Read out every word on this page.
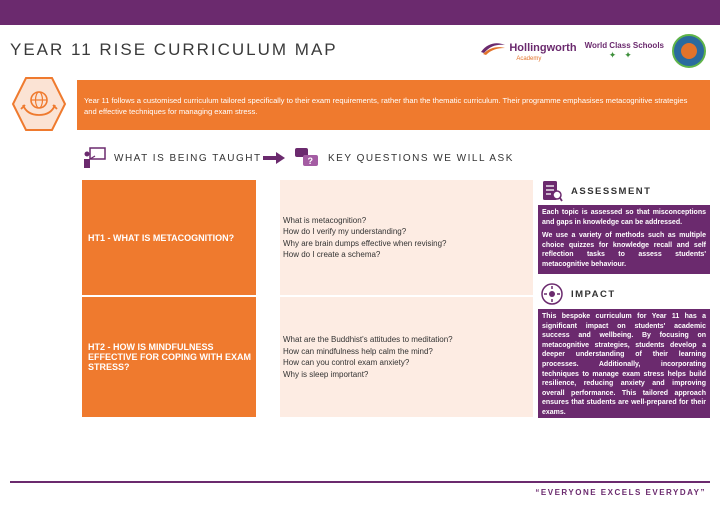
YEAR 11 RISE CURRICULUM MAP	Hollingworth
Academy
World Class Schools
✦✦
Year 11 follows a customised curriculum tailored specifically to their exam requirements, rather than the thematic curriculum. Their programme emphasises metacognitive strategies and effective techniques for managing exam stress.
WHAT IS BEING TAUGHT	? KEY QUESTIONS WE WILL ASK
HT1 - WHAT IS METACOGNITION?
What is metacognition?
How do I verify my understanding?
Why are brain dumps effective when revising?
How do I create a schema?
HT2 - HOW IS MINDFULNESS EFFECTIVE FOR COPING WITH EXAM STRESS?
What are the Buddhist's attitudes to meditation?
How can mindfulness help calm the mind?
How can you control exam anxiety?
Why is sleep important?
ASSESSMENT

Each topic is assessed so that misconceptions and gaps in knowledge can be addressed.

We use a variety of methods such as multiple choice quizzes for knowledge recall and self reflection tasks to assess students' metacognitive behaviour.

IMPACT

This bespoke curriculum for Year 11 has a significant impact on students' academic success and wellbeing. By focusing on metacognitive strategies, students develop a deeper understanding of their learning processes. Additionally, incorporating techniques to manage exam stress helps build resilience, reducing anxiety and improving overall performance. This tailored approach ensures that students are well-prepared for their exams.

“EVERYONE EXCELS EVERYDAY”
